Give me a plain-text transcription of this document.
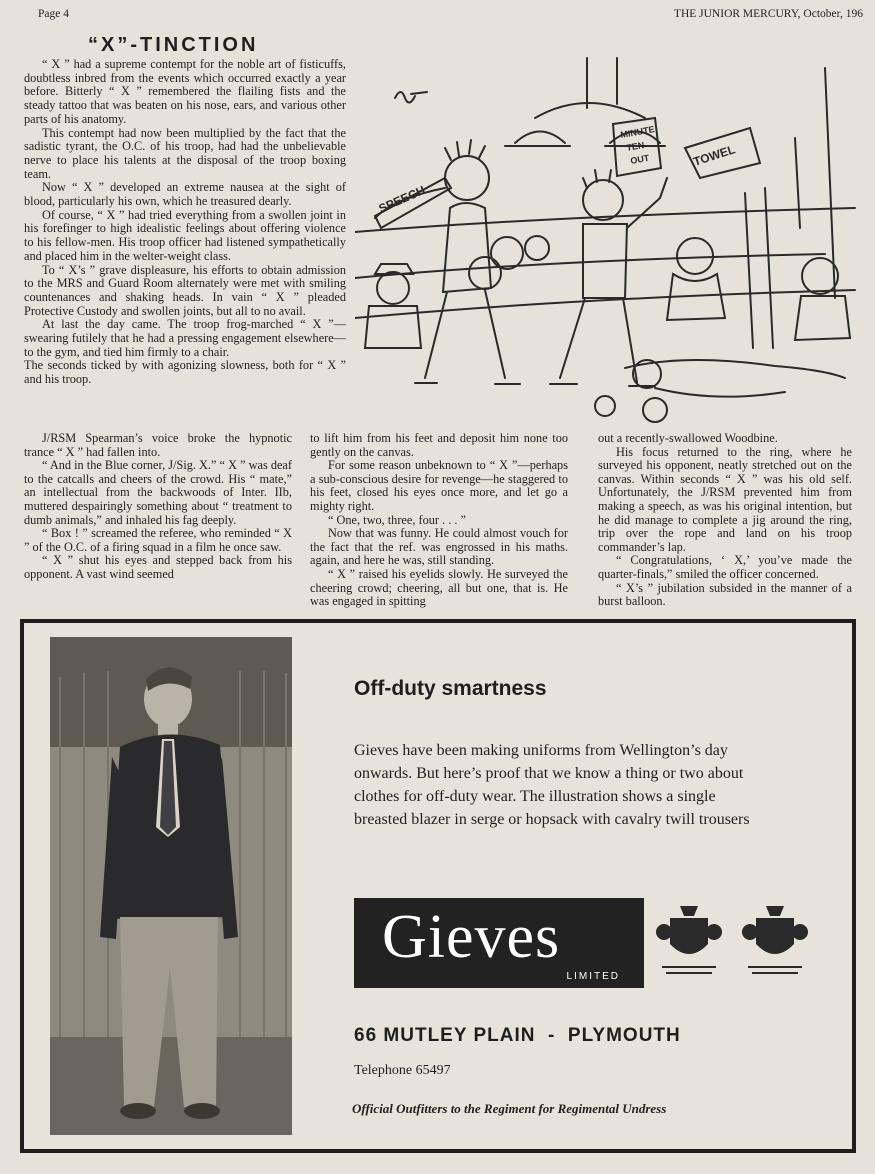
Page 4	THE JUNIOR MERCURY, October, 196
“X”-TINCTION

“ X ” had a supreme contempt for the noble art of fisticuffs, doubtless inbred from the events which occurred exactly a year before. Bitterly “ X ” remembered the flailing fists and the steady tattoo that was beaten on his nose, ears, and various other parts of his anatomy.

This contempt had now been multiplied by the fact that the sadistic tyrant, the O.C. of his troop, had had the unbelievable nerve to place his talents at the disposal of the troop boxing team.

Now “ X ” developed an extreme nausea at the sight of blood, particularly his own, which he treasured dearly.

Of course, “ X ” had tried everything from a swollen joint in his forefinger to high idealistic feelings about offering violence to his fellow-men. His troop officer had listened sympathetically and placed him in the welter-weight class.

To “ X’s ” grave displeasure, his efforts to obtain admission to the MRS and Guard Room alternately were met with smiling countenances and shaking heads. In vain “ X ” pleaded Protective Custody and swollen joints, but all to no avail.

At last the day came. The troop frog-marched “ X ”—swearing futilely that he had a pressing engagement elsewhere—to the gym, and tied him firmly to a chair.

The seconds ticked by with agonizing slowness, both for “ X ” and his troop.

SPEECH
MINUTE
TEN
OUT	TOWEL

J/RSM Spearman’s voice broke the hypnotic trance “ X ” had fallen into.

“ And in the Blue corner, J/Sig. X.” “ X ” was deaf to the catcalls and cheers of the crowd. His “ mate,” an intellectual from the backwoods of Inter. IIb, muttered despairingly something about “ treatment to dumb animals,” and inhaled his fag deeply.

“ Box ! ” screamed the referee, who reminded “ X ” of the O.C. of a firing squad in a film he once saw.

“ X ” shut his eyes and stepped back from his opponent. A vast wind seemed

to lift him from his feet and deposit him none too gently on the canvas.

For some reason unbeknown to “ X ”—perhaps a sub-conscious desire for revenge—he staggered to his feet, closed his eyes once more, and let go a mighty right.

“ One, two, three, four . . . ”

Now that was funny. He could almost vouch for the fact that the ref. was engrossed in his maths. again, and here he was, still standing.

“ X ” raised his eyelids slowly. He surveyed the cheering crowd; cheering, all but one, that is. He was engaged in spitting

out a recently-swallowed Woodbine.

His focus returned to the ring, where he surveyed his opponent, neatly stretched out on the canvas. Within seconds “ X ” was his old self. Unfortunately, the J/RSM prevented him from making a speech, as was his original intention, but he did manage to complete a jig around the ring, trip over the rope and land on his troop commander’s lap.

“ Congratulations, ‘ X,’ you’ve made the quarter-finals,” smiled the officer concerned.

“ X’s ” jubilation subsided in the manner of a burst balloon.

Off-duty smartness
Gieves have been making uniforms from Wellington’s day onwards. But here’s proof that we know a thing or two about clothes for off-duty wear. The illustration shows a single breasted blazer in serge or hopsack with cavalry twill trousers
Gieves
LIMITED
66 MUTLEY PLAIN  -  PLYMOUTH
Telephone 65497
Official Outfitters to the Regiment for Regimental Undress
